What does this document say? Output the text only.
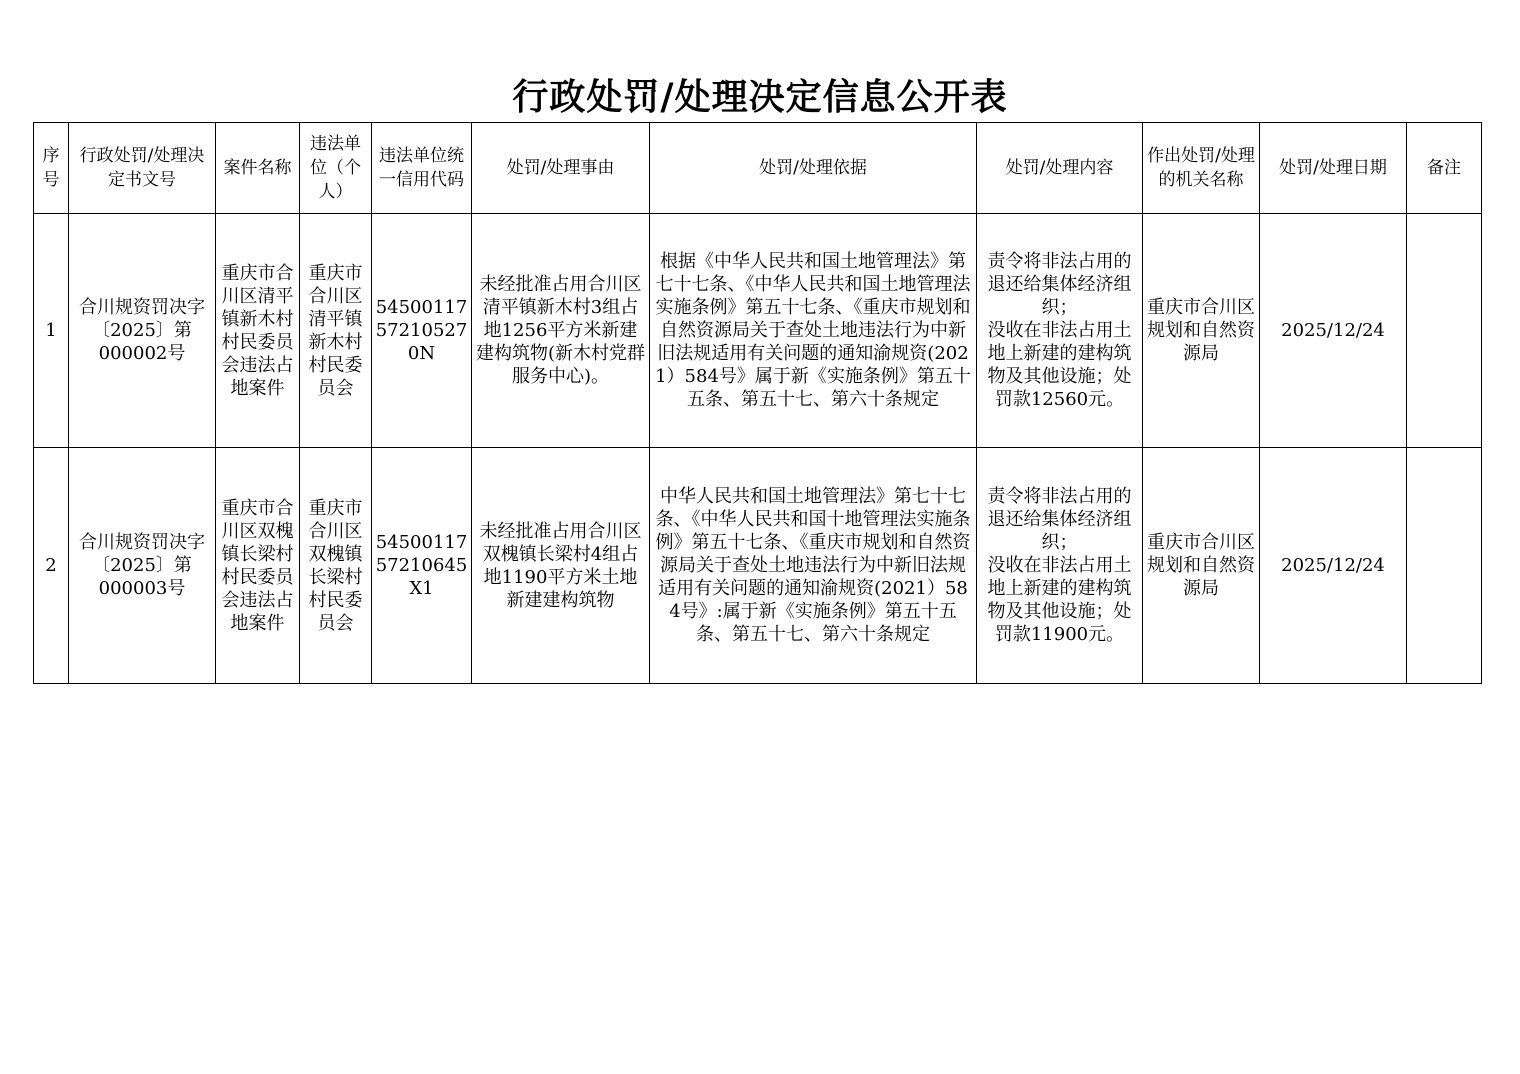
行政处罚/处理决定信息公开表
序号	行政处罚/处理决定书文号	案件名称	违法单位（个人）	违法单位统一信用代码	处罚/处理事由	处罚/处理依据	处罚/处理内容	作出处罚/处理的机关名称	处罚/处理日期	备注
1	合川规资罚决字〔2025〕第000002号	重庆市合川区清平镇新木村村民委员会违法占地案件	重庆市合川区清平镇新木村村民委员会	54500117572105270N	未经批准占用合川区清平镇新木村3组占地1256平方米新建建构筑物(新木村党群服务中心)。	根据《中华人民共和国土地管理法》第七十七条、《中华人民共和国土地管理法实施条例》第五十七条、《重庆市规划和自然资源局关于查处土地违法行为中新旧法规适用有关问题的通知渝规资(2021）584号》属于新《实施条例》第五十五条、第五十七、第六十条规定	责令将非法占用的退还给集体经济组织；
没收在非法占用土地上新建的建构筑物及其他设施；处罚款12560元。	重庆市合川区规划和自然资源局	2025/12/24	
2	合川规资罚决字〔2025〕第000003号	重庆市合川区双槐镇长梁村村民委员会违法占地案件	重庆市合川区双槐镇长梁村村民委员会	5450011757210645X1	未经批准占用合川区双槐镇长梁村4组占地1190平方米土地新建建构筑物	中华人民共和国土地管理法》第七十七条、《中华人民共和国十地管理法实施条例》第五十七条、《重庆市规划和自然资源局关于查处土地违法行为中新旧法规适用有关问题的通知渝规资(2021）584号》:属于新《实施条例》第五十五条、第五十七、第六十条规定	责令将非法占用的退还给集体经济组织；
没收在非法占用土地上新建的建构筑物及其他设施；处罚款11900元。	重庆市合川区规划和自然资源局	2025/12/24	
